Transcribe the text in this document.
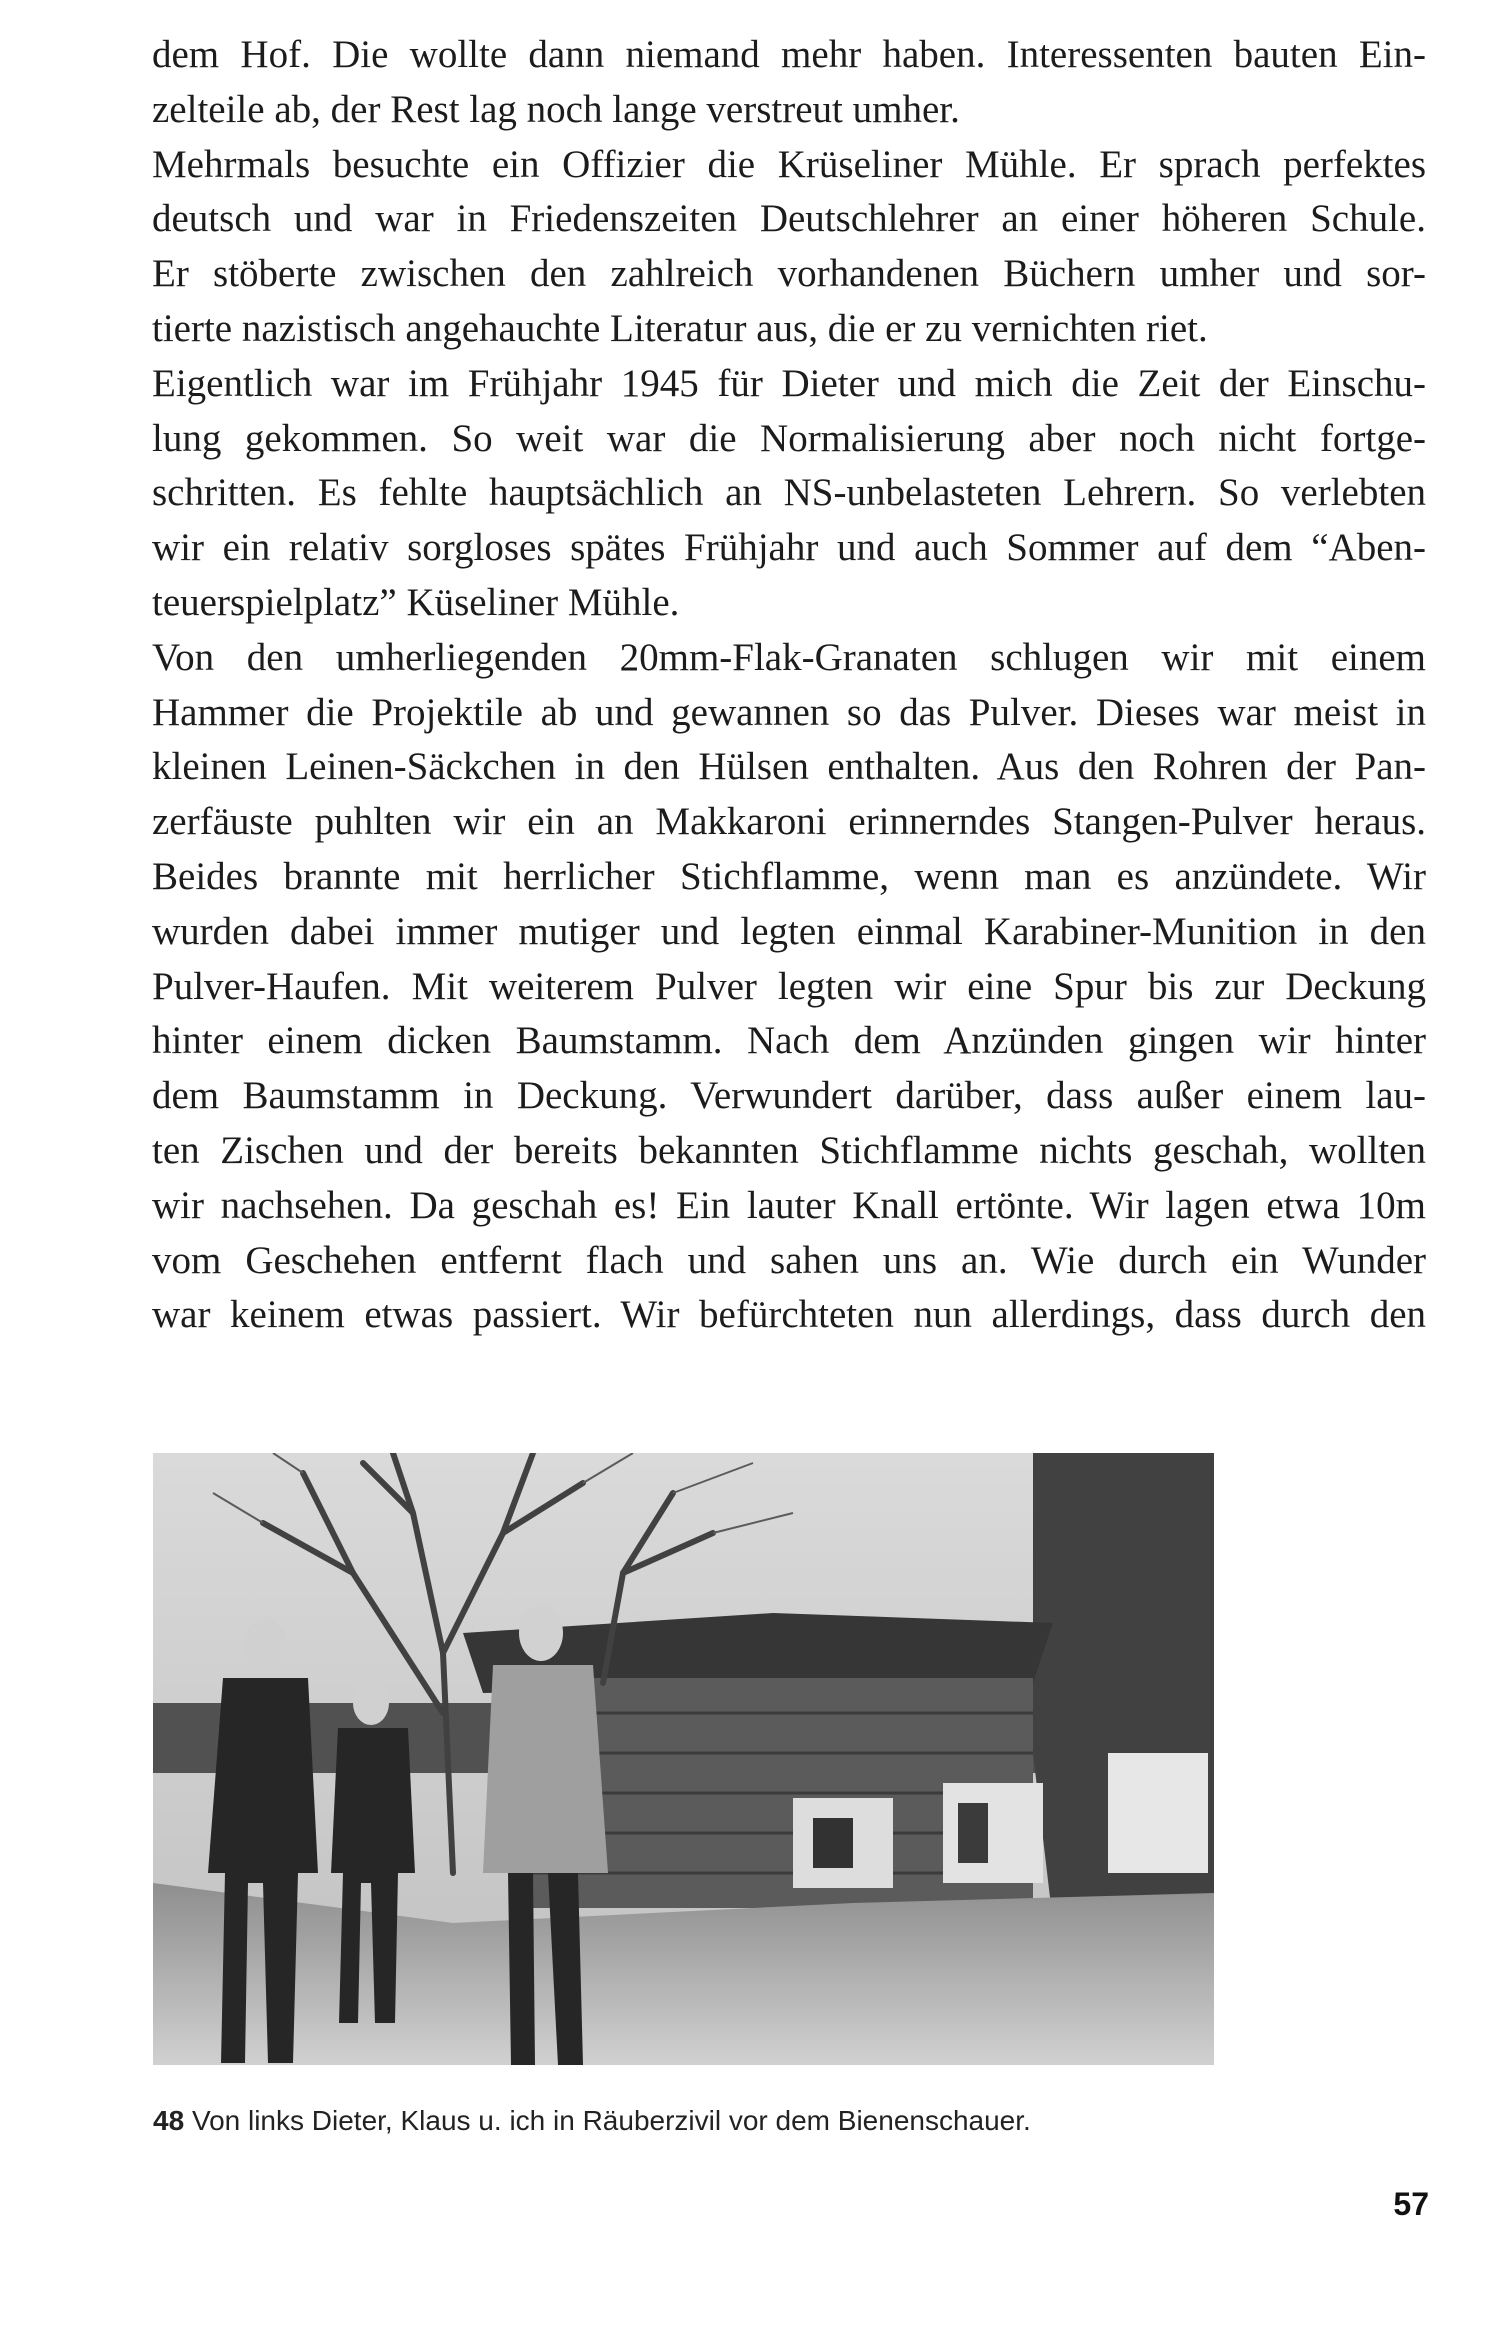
dem Hof. Die wollte dann niemand mehr haben. Interessenten bauten Ein-
zelteile ab, der Rest lag noch lange verstreut umher.
Mehrmals besuchte ein Offizier die Krüseliner Mühle. Er sprach perfektes
deutsch und war in Friedenszeiten Deutschlehrer an einer höheren Schule.
Er stöberte zwischen den zahlreich vorhandenen Büchern umher und sor-
tierte nazistisch angehauchte Literatur aus, die er zu vernichten riet.
Eigentlich war im Frühjahr 1945 für Dieter und mich die Zeit der Einschu-
lung gekommen. So weit war die Normalisierung aber noch nicht fortge-
schritten. Es fehlte hauptsächlich an NS-unbelasteten Lehrern. So verlebten
wir ein relativ sorgloses spätes Frühjahr und auch Sommer auf dem “Aben-
teuerspielplatz” Küseliner Mühle.
Von den umherliegenden 20mm-Flak-Granaten schlugen wir mit einem
Hammer die Projektile ab und gewannen so das Pulver. Dieses war meist in
kleinen Leinen-Säckchen in den Hülsen enthalten. Aus den Rohren der Pan-
zerfäuste puhlten wir ein an Makkaroni erinnerndes Stangen-Pulver heraus.
Beides brannte mit herrlicher Stichflamme, wenn man es anzündete. Wir
wurden dabei immer mutiger und legten einmal Karabiner-Munition in den
Pulver-Haufen. Mit weiterem Pulver legten wir eine Spur bis zur Deckung
hinter einem dicken Baumstamm. Nach dem Anzünden gingen wir hinter
dem Baumstamm in Deckung. Verwundert darüber, dass außer einem lau-
ten Zischen und der bereits bekannten Stichflamme nichts geschah, wollten
wir nachsehen. Da geschah es! Ein lauter Knall ertönte. Wir lagen etwa 10m
vom Geschehen entfernt flach und sahen uns an. Wie durch ein Wunder
war keinem etwas passiert. Wir befürchteten nun allerdings, dass durch den
48 Von links Dieter, Klaus u. ich in Räuberzivil vor dem Bienenschauer.
57
